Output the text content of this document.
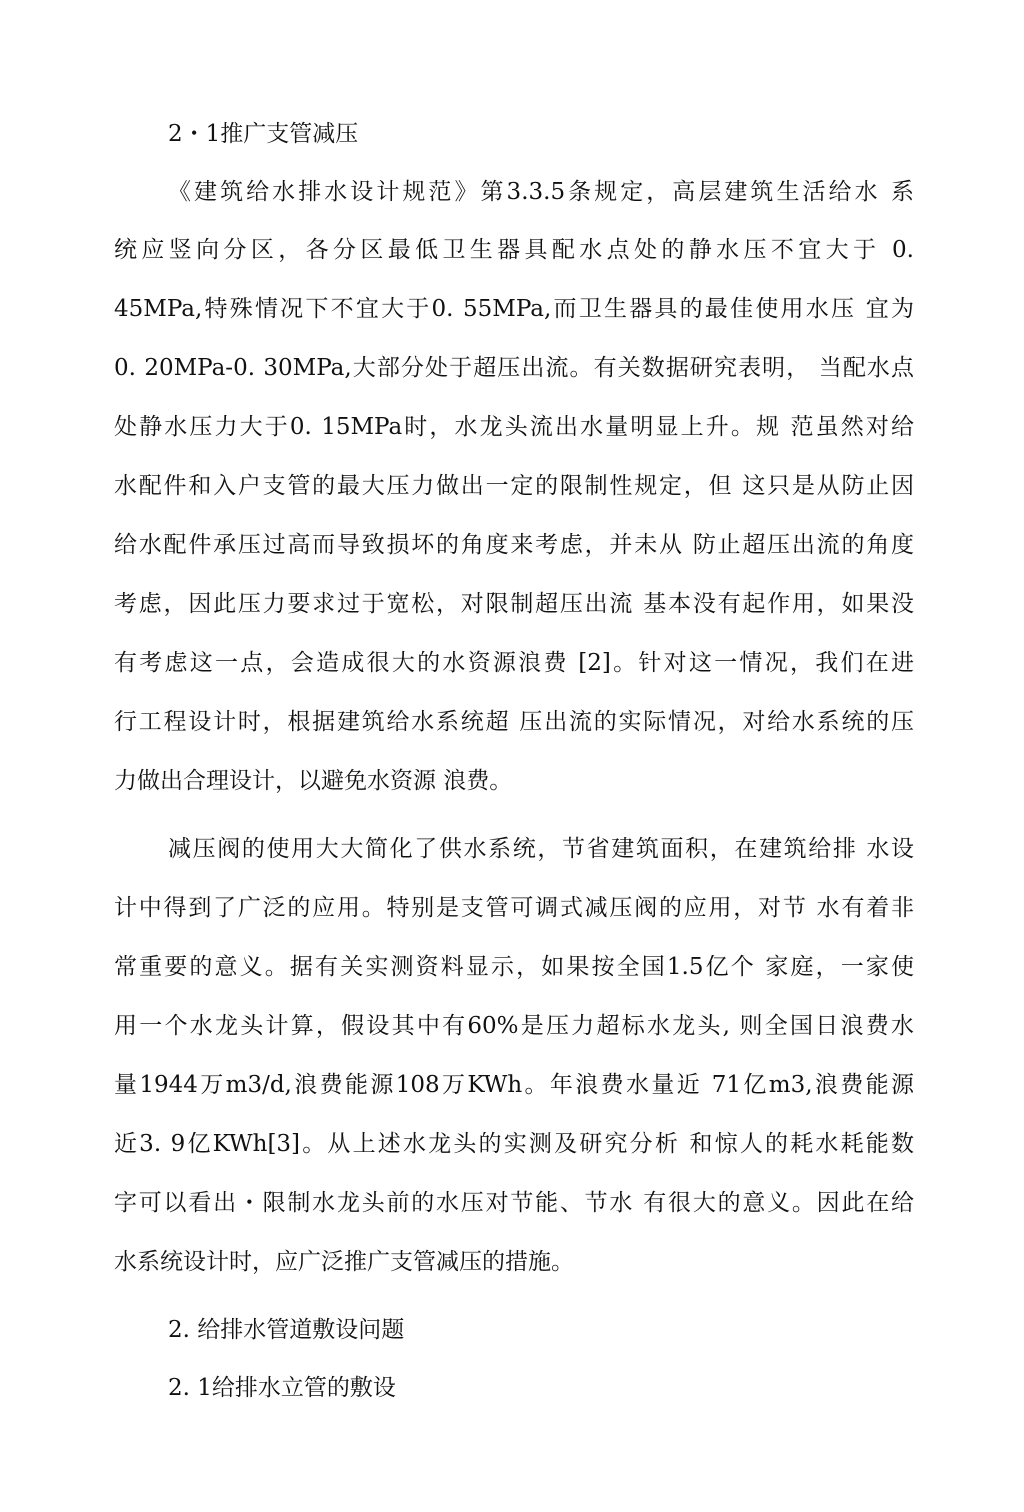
2・1推广支管减压
《建筑给水排水设计规范》第3.3.5条规定，高层建筑生活给水 系
统应竖向分区，各分区最低卫生器具配水点处的静水压不宜大于 0.
45MPa,特殊情况下不宜大于0. 55MPa,而卫生器具的最佳使用水压 宜为
0. 20MPa-0. 30MPa,大部分处于超压出流。有关数据研究表明， 当配水点
处静水压力大于0. 15MPa时，水龙头流出水量明显上升。规 范虽然对给
水配件和入户支管的最大压力做出一定的限制性规定，但 这只是从防止因
给水配件承压过高而导致损坏的角度来考虑，并未从 防止超压出流的角度
考虑，因此压力要求过于宽松，对限制超压出流 基本没有起作用，如果没
有考虑这一点，会造成很大的水资源浪费 [2]。针对这一情况，我们在进
行工程设计时，根据建筑给水系统超 压出流的实际情况，对给水系统的压
力做出合理设计，以避免水资源 浪费。
减压阀的使用大大简化了供水系统，节省建筑面积，在建筑给排 水设
计中得到了广泛的应用。特别是支管可调式减压阀的应用，对节 水有着非
常重要的意义。据有关实测资料显示，如果按全国1.5亿个 家庭，一家使
用一个水龙头计算，假设其中有60%是压力超标水龙头, 则全国日浪费水
量1944万m3/d,浪费能源108万KWh。年浪费水量近 71亿m3,浪费能源
近3. 9亿KWh[3]。从上述水龙头的实测及研究分析 和惊人的耗水耗能数
字可以看出・限制水龙头前的水压对节能、节水 有很大的意义。因此在给
水系统设计时，应广泛推广支管减压的措施。
2. 给排水管道敷设问题
2. 1给排水立管的敷设
